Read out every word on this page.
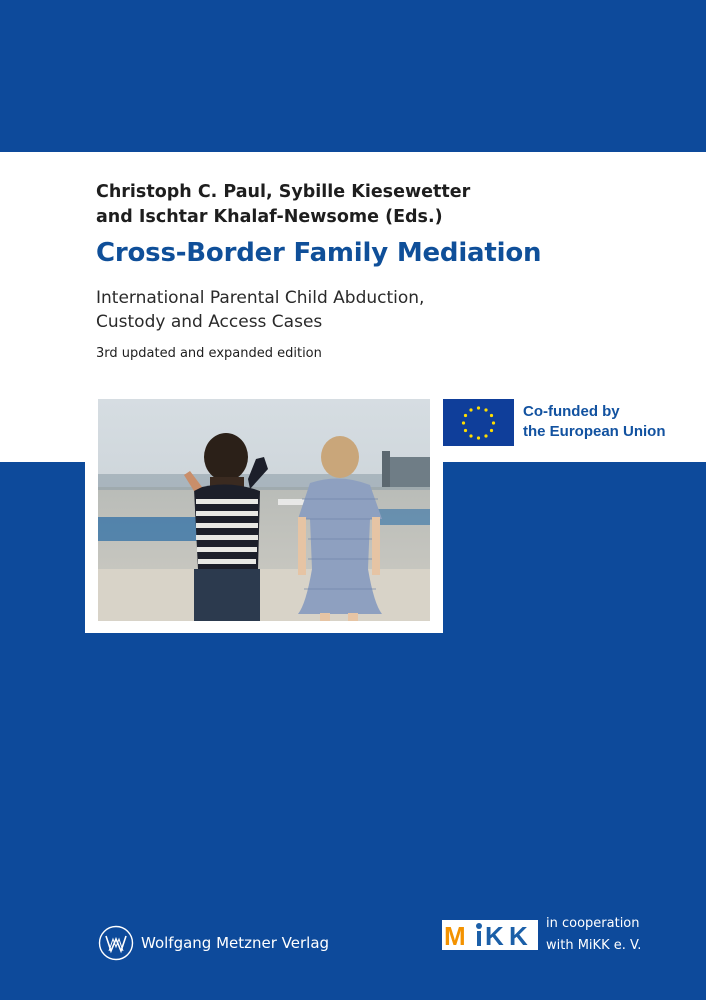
Christoph C. Paul, Sybille Kiesewetter
and Ischtar Khalaf-Newsome (Eds.)
Cross-Border Family Mediation
International Parental Child Abduction,
Custody and Access Cases
3rd updated and expanded edition
Co-funded by
the European Union
Wolfgang Metzner Verlag	M K K in cooperation
with MiKK e. V.
